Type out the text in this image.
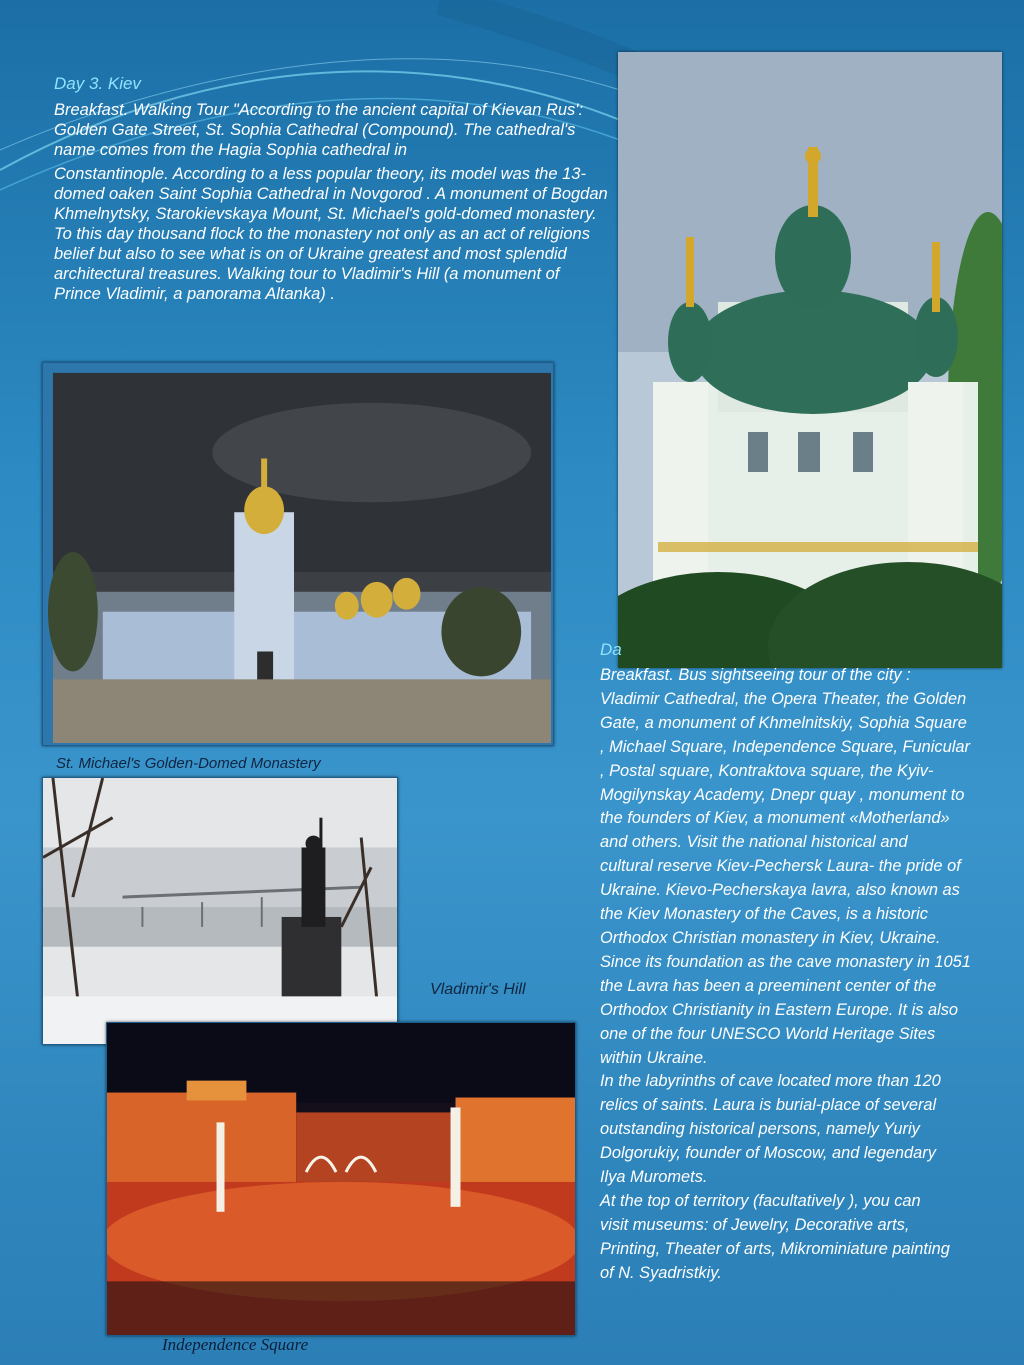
Day 3. Kiev

Breakfast. Walking Tour "According to the ancient capital of Kievan Rus': Golden Gate Street, St. Sophia Cathedral (Compound). The cathedral's name comes from the Hagia Sophia cathedral in

Constantinople. According to a less popular theory, its model was the 13-domed oaken Saint Sophia Cathedral in Novgorod . A monument of Bogdan Khmelnytsky, Starokievskaya Mount, St. Michael's gold-domed monastery. To this day thousand flock to the monastery not only as an act of religions belief but also to see what is on of Ukraine greatest and most splendid architectural treasures. Walking tour to Vladimir's Hill (a monument of Prince Vladimir, a panorama Altanka) .

St. Michael's Golden-Domed Monastery
Vladimir's Hill
Independence Square
Da

Breakfast. Bus sightseeing tour of the city :

Vladimir Cathedral, the Opera Theater, the Golden

Gate, a monument of Khmelnitskiy, Sophia Square

, Michael Square, Independence Square, Funicular

, Postal square, Kontraktova square, the Kyiv-

Mogilynskay Academy, Dnepr quay , monument to

the founders of Kiev, a monument «Motherland»

and others. Visit the national historical and

cultural reserve Kiev-Pechersk Laura- the pride of

Ukraine. Kievo-Pecherskaya lavra, also known as

the Kiev Monastery of the Caves, is a historic

Orthodox Christian monastery in Kiev, Ukraine.

Since its foundation as the cave monastery in 1051

the Lavra has been a preeminent center of the

Orthodox Christianity in Eastern Europe. It is also

one of the four UNESCO World Heritage Sites

within Ukraine.

In the labyrinths of cave located more than 120

relics of saints. Laura is burial-place of several

outstanding historical persons, namely Yuriy

Dolgorukiy, founder of Moscow, and legendary

Ilya Muromets.

At the top of territory (facultatively ), you can

visit museums: of Jewelry, Decorative arts,

Printing, Theater of arts, Mikrominiature painting

of N. Syadristkiy.
